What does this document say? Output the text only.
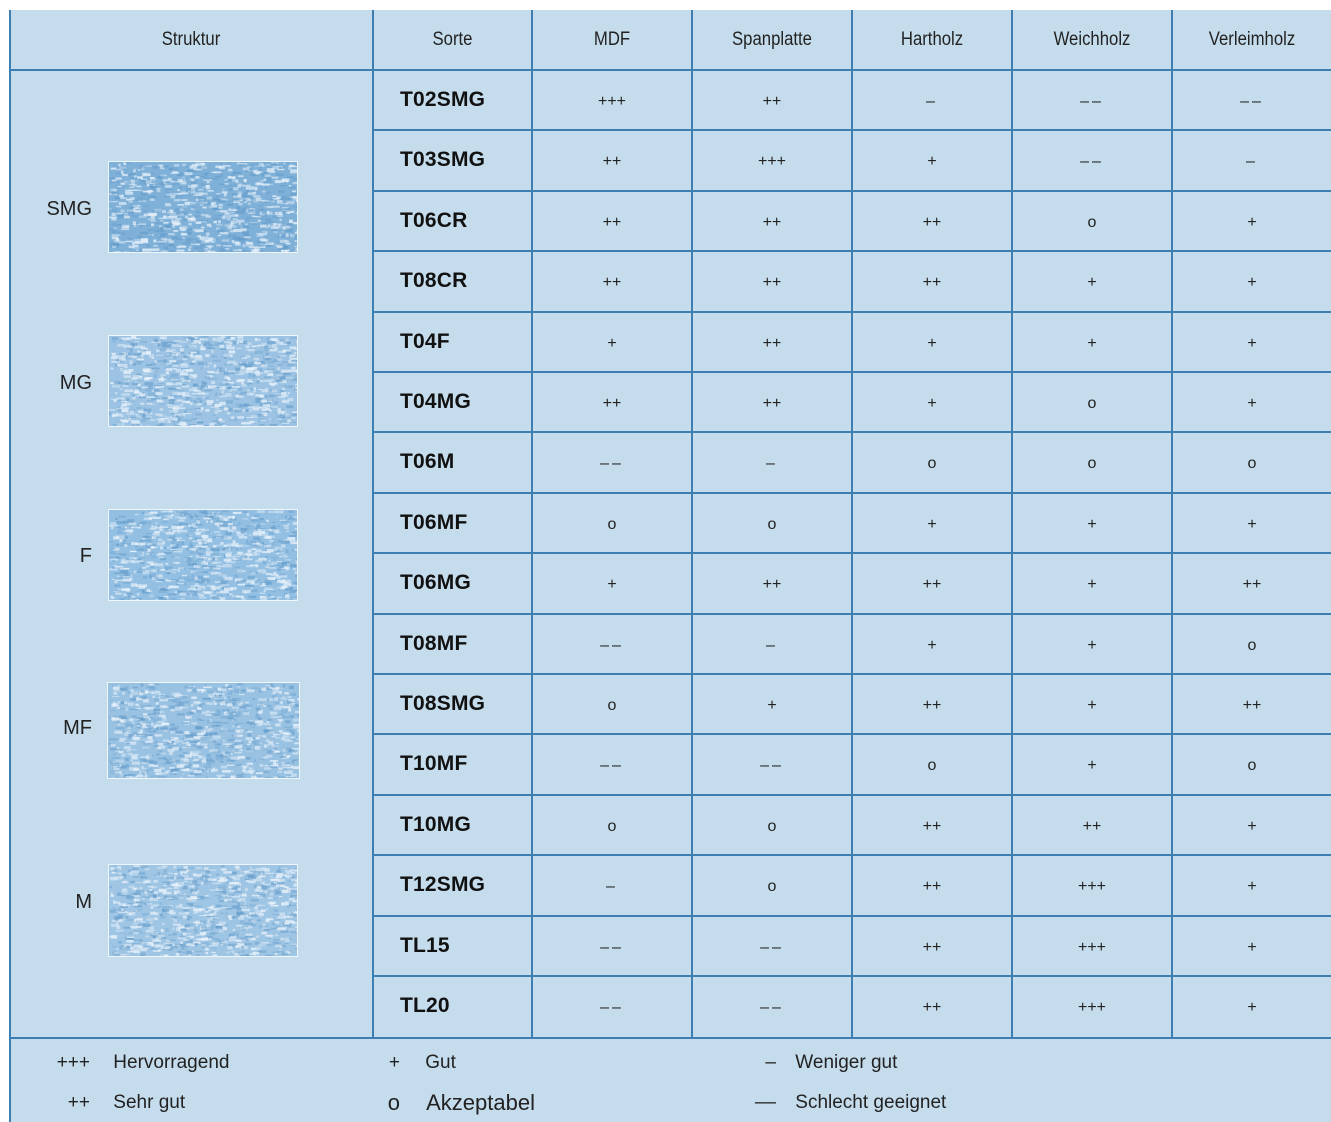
Struktur	Sorte	MDF	Spanplatte	Hartholz	Weichholz	Verleimholz
SMG
MG
F
MF
M
T02SMG	+++	++	–	––	––
T03SMG	++	+++	+	––	–
T06CR	++	++	++	o	+
T08CR	++	++	++	+	+
T04F	+	++	+	+	+
T04MG	++	++	+	o	+
T06M	––	–	o	o	o
T06MF	o	o	+	+	+
T06MG	+	++	++	+	++
T08MF	––	–	+	+	o
T08SMG	o	+	++	+	++
T10MF	––	––	o	+	o
T10MG	o	o	++	++	+
T12SMG	–	o	++	+++	+
TL15	––	––	++	+++	+
TL20	––	––	++	+++	+
+++ Hervorragend
++ Sehr gut
+ Gut
o Akzeptabel
– Weniger gut
–– Schlecht geeignet
